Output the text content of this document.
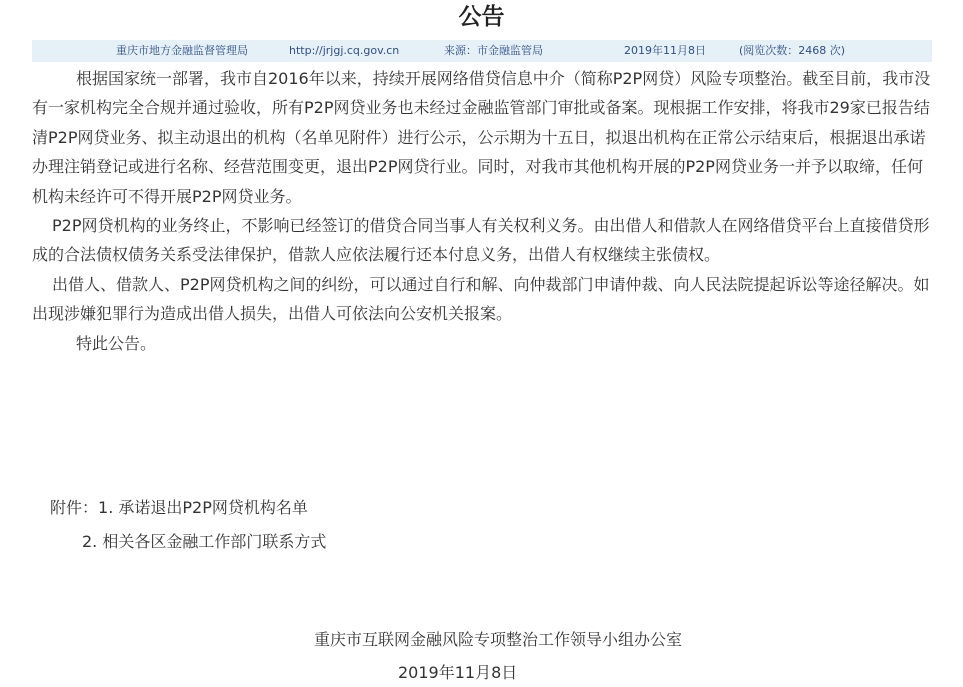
公告
重庆市地方金融监督管理局	http://jrjgj.cq.gov.cn	来源：市金融监管局	2019年11月8日	(阅览次数：2468 次)

根据国家统一部署，我市自2016年以来，持续开展网络借贷信息中介（简称P2P网贷）风险专项整治。截至目前，我市没有一家机构完全合规并通过验收，所有P2P网贷业务也未经过金融监管部门审批或备案。现根据工作安排，将我市29家已报告结清P2P网贷业务、拟主动退出的机构（名单见附件）进行公示，公示期为十五日，拟退出机构在正常公示结束后，根据退出承诺办理注销登记或进行名称、经营范围变更，退出P2P网贷行业。同时，对我市其他机构开展的P2P网贷业务一并予以取缔，任何机构未经许可不得开展P2P网贷业务。

P2P网贷机构的业务终止，不影响已经签订的借贷合同当事人有关权利义务。由出借人和借款人在网络借贷平台上直接借贷形成的合法债权债务关系受法律保护，借款人应依法履行还本付息义务，出借人有权继续主张债权。

出借人、借款人、P2P网贷机构之间的纠纷，可以通过自行和解、向仲裁部门申请仲裁、向人民法院提起诉讼等途径解决。如出现涉嫌犯罪行为造成出借人损失，出借人可依法向公安机关报案。

特此公告。

附件：1. 承诺退出P2P网贷机构名单
2. 相关各区金融工作部门联系方式
重庆市互联网金融风险专项整治工作领导小组办公室
2019年11月8日
